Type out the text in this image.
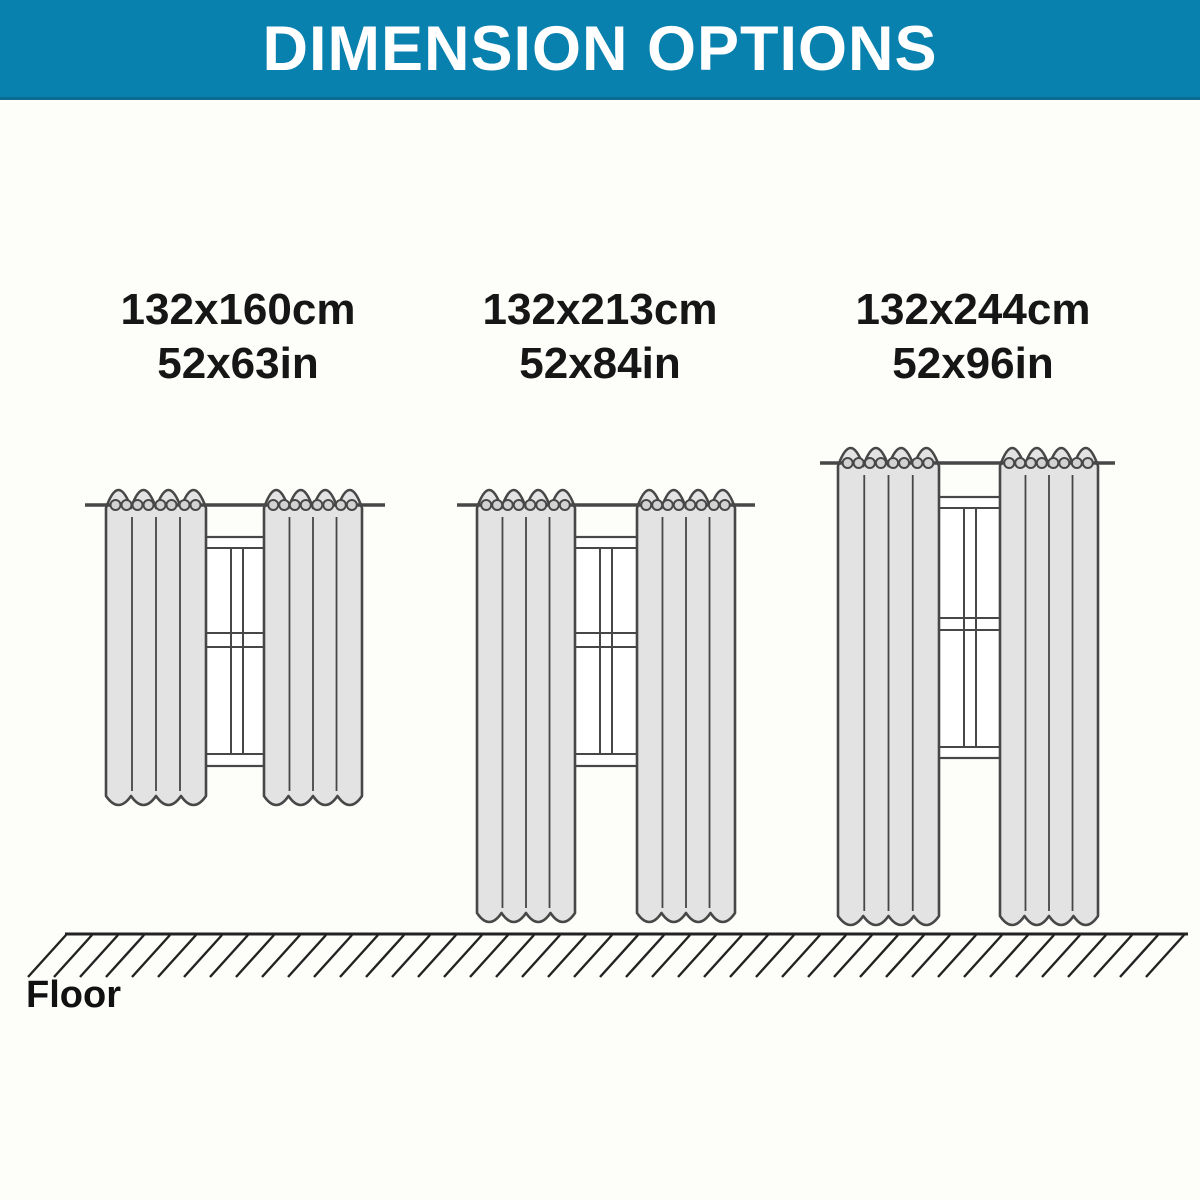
DIMENSION OPTIONS
132x160cm
52x63in
132x213cm
52x84in
132x244cm
52x96in
Floor
